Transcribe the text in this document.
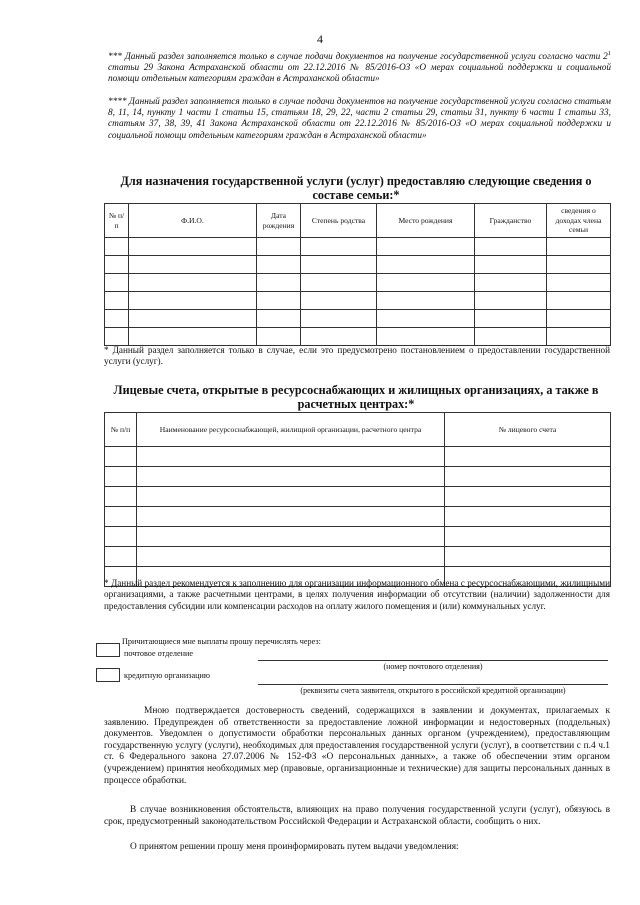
4
*** Данный раздел заполняется только в случае подачи документов на получение государственной услуги согласно части $2^1$ статьи 29 Закона Астраханской области от 22.12.2016 № 85/2016-ОЗ «О мерах социальной поддержки и социальной помощи отдельным категориям граждан в Астраханской области»
**** Данный раздел заполняется только в случае подачи документов на получение государственной услуги согласно статьям 8, 11, 14, пункту 1 части 1 статьи 15, статьям 18, 29, 22, части 2 статьи 29, статьи 31, пункту 6 части 1 статьи 33, статьям 37, 38, 39, 41 Закона Астраханской области от 22.12.2016 № 85/2016-ОЗ «О мерах социальной поддержки и социальной помощи отдельным категориям граждан в Астраханской области»
Для назначения государственной услуги (услуг) предоставляю следующие сведения о составе семьи:*
№ п/п	Ф.И.О.	Дата рождения	Степень родства	Место рождения	Гражданство	сведения о доходах члена семьи

* Данный раздел заполняется только в случае, если это предусмотрено постановлением о предоставлении государственной услуги (услуг).
Лицевые счета, открытые в ресурсоснабжающих и жилищных организациях, а также в расчетных центрах:*
№ п/п	Наименование ресурсоснабжающей, жилищной организации, расчетного центра	№ лицевого счета

* Данный раздел рекомендуется к заполнению для организации информационного обмена с ресурсоснабжающими, жилищными организациями, а также расчетными центрами, в целях получения информации об отсутствии (наличии) задолженности для предоставления субсидии или компенсации расходов на оплату жилого помещения и (или) коммунальных услуг.
Причитающиеся мне выплаты прошу перечислять через:
почтовое отделение
(номер почтового отделения)
кредитную организацию
(реквизиты счета заявителя, открытого в российской кредитной организации)
Мною подтверждается достоверность сведений, содержащихся в заявлении и документах, прилагаемых к заявлению. Предупрежден об ответственности за предоставление ложной информации и недостоверных (поддельных) документов. Уведомлен о допустимости обработки персональных данных органом (учреждением), предоставляющим государственную услугу (услуги), необходимых для предоставления государственной услуги (услуг), в соответствии с п.4 ч.1 ст. 6 Федерального закона 27.07.2006 № 152-ФЗ «О персональных данных», а также об обеспечении этим органом (учреждением) принятия необходимых мер (правовые, организационные и технические) для защиты персональных данных в процессе обработки.
В случае возникновения обстоятельств, влияющих на право получения государственной услуги (услуг), обязуюсь в срок, предусмотренный законодательством Российской Федерации и Астраханской области, сообщить о них.
О принятом решении прошу меня проинформировать путем выдачи уведомления:
